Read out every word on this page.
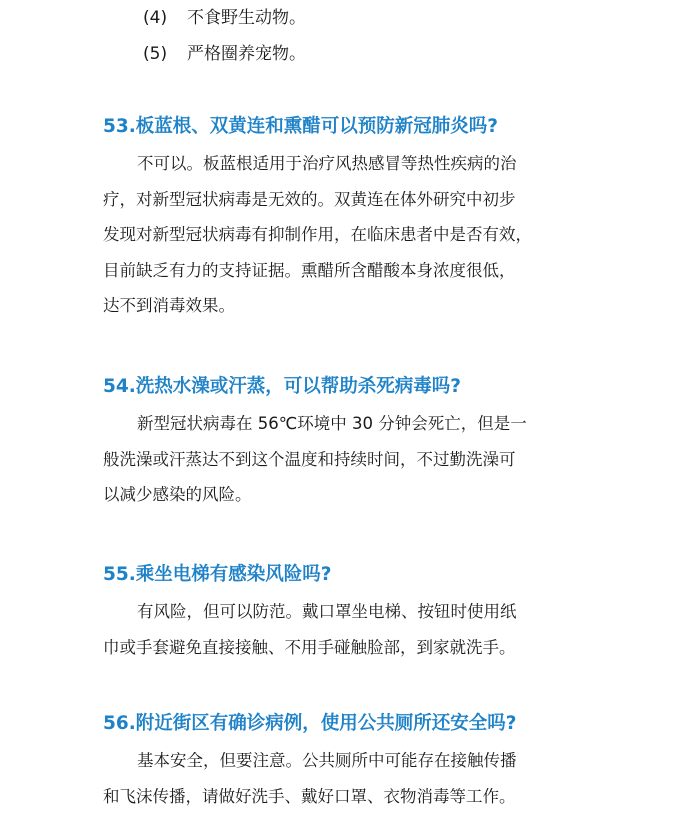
(4) 不食野生动物。
(5) 严格圈养宠物。
53.板蓝根、双黄连和熏醋可以预防新冠肺炎吗?
不可以。板蓝根适用于治疗风热感冒等热性疾病的治
疗，对新型冠状病毒是无效的。双黄连在体外研究中初步
发现对新型冠状病毒有抑制作用，在临床患者中是否有效，
目前缺乏有力的支持证据。熏醋所含醋酸本身浓度很低，
达不到消毒效果。
54.洗热水澡或汗蒸，可以帮助杀死病毒吗?
新型冠状病毒在 56℃环境中 30 分钟会死亡，但是一
般洗澡或汗蒸达不到这个温度和持续时间，不过勤洗澡可
以减少感染的风险。
55.乘坐电梯有感染风险吗?
有风险，但可以防范。戴口罩坐电梯、按钮时使用纸
巾或手套避免直接接触、不用手碰触脸部，到家就洗手。
56.附近街区有确诊病例，使用公共厕所还安全吗?
基本安全，但要注意。公共厕所中可能存在接触传播
和飞沫传播，请做好洗手、戴好口罩、衣物消毒等工作。
